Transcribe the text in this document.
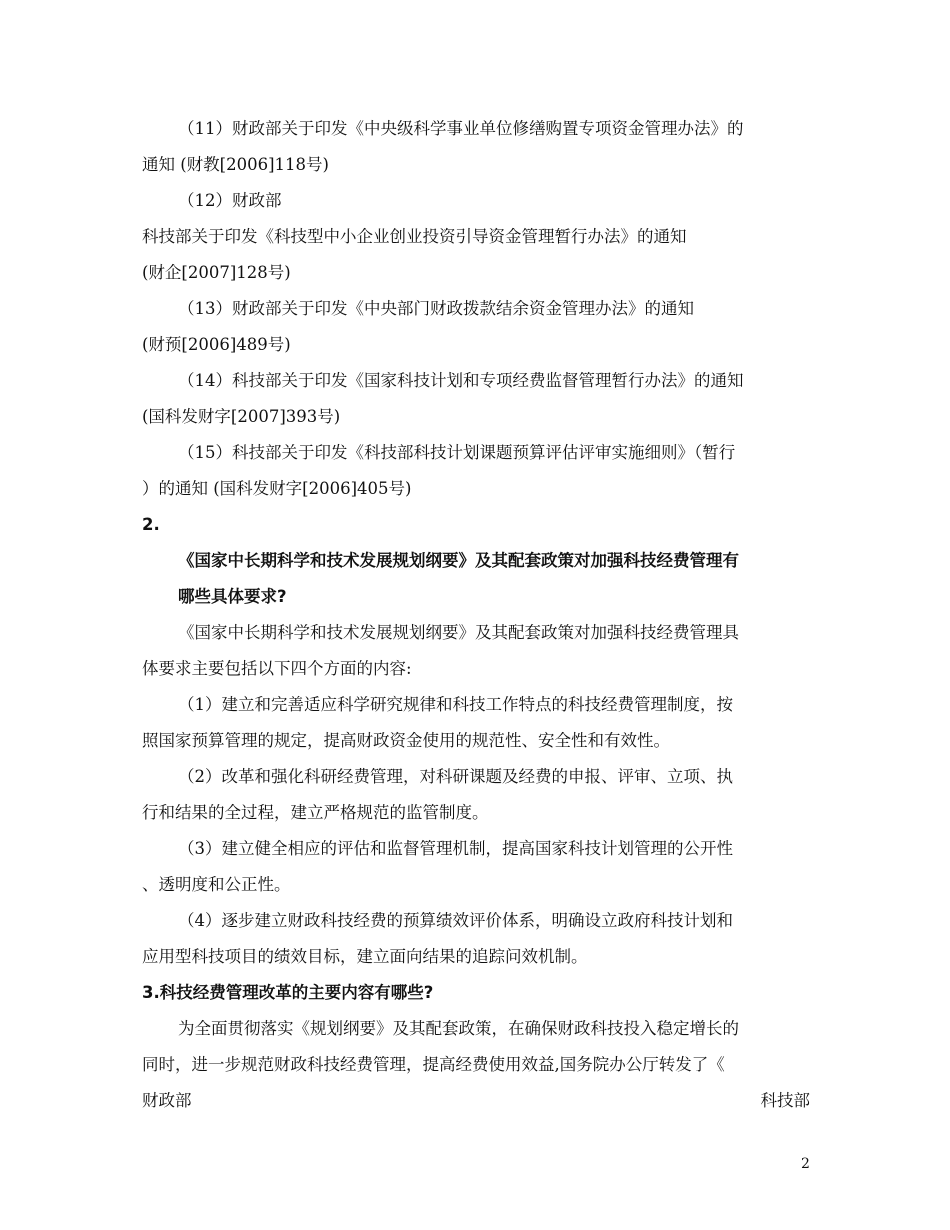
（11）财政部关于印发《中央级科学事业单位修缮购置专项资金管理办法》的
通知 (财教[2006]118号)
（12）财政部
科技部关于印发《科技型中小企业创业投资引导资金管理暂行办法》的通知
(财企[2007]128号)
（13）财政部关于印发《中央部门财政拨款结余资金管理办法》的通知
(财预[2006]489号)
（14）科技部关于印发《国家科技计划和专项经费监督管理暂行办法》的通知
(国科发财字[2007]393号)
（15）科技部关于印发《科技部科技计划课题预算评估评审实施细则》（暂行
）的通知 (国科发财字[2006]405号)
2.
《国家中长期科学和技术发展规划纲要》及其配套政策对加强科技经费管理有
哪些具体要求?
《国家中长期科学和技术发展规划纲要》及其配套政策对加强科技经费管理具
体要求主要包括以下四个方面的内容:
（1）建立和完善适应科学研究规律和科技工作特点的科技经费管理制度，按
照国家预算管理的规定，提高财政资金使用的规范性、安全性和有效性。
（2）改革和强化科研经费管理，对科研课题及经费的申报、评审、立项、执
行和结果的全过程，建立严格规范的监管制度。
（3）建立健全相应的评估和监督管理机制，提高国家科技计划管理的公开性
、透明度和公正性。
（4）逐步建立财政科技经费的预算绩效评价体系，明确设立政府科技计划和
应用型科技项目的绩效目标，建立面向结果的追踪问效机制。
3.科技经费管理改革的主要内容有哪些?
为全面贯彻落实《规划纲要》及其配套政策，在确保财政科技投入稳定增长的
同时，进一步规范财政科技经费管理，提高经费使用效益,国务院办公厅转发了《
财政部	科技部
2
